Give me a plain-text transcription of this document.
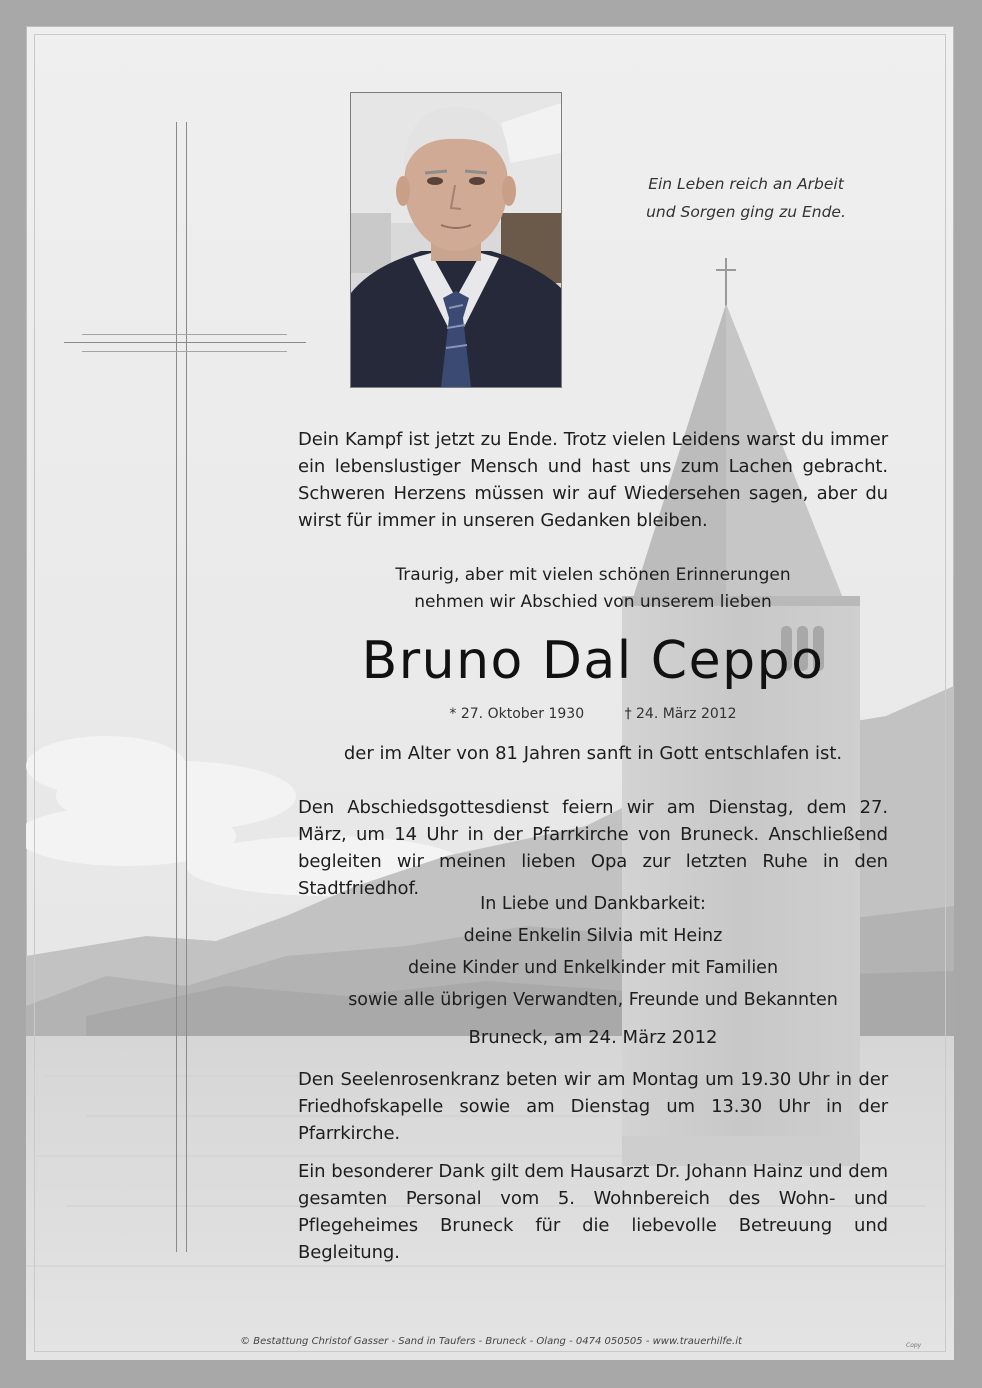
Ein Leben reich an Arbeit
und Sorgen ging zu Ende.

Dein Kampf ist jetzt zu Ende. Trotz vielen Leidens warst du immer ein lebenslustiger Mensch und hast uns zum Lachen gebracht. Schweren Herzens müssen wir auf Wiedersehen sagen, aber du wirst für immer in unseren Gedanken bleiben.

Traurig, aber mit vielen schönen Erinnerungen
nehmen wir Abschied von unserem lieben
Bruno Dal Ceppo
* 27. Oktober 1930	† 24. März 2012

der im Alter von 81 Jahren sanft in Gott entschlafen ist.

Den Abschiedsgottesdienst feiern wir am Dienstag, dem 27. März, um 14 Uhr in der Pfarrkirche von Bruneck. Anschließend begleiten wir meinen lieben Opa zur letzten Ruhe in den Stadtfriedhof.

In Liebe und Dankbarkeit:
deine Enkelin Silvia mit Heinz
deine Kinder und Enkelkinder mit Familien
sowie alle übrigen Verwandten, Freunde und Bekannten

Bruneck, am 24. März 2012

Den Seelenrosenkranz beten wir am Montag um 19.30 Uhr in der Friedhofskapelle sowie am Dienstag um 13.30 Uhr in der Pfarrkirche.

Ein besonderer Dank gilt dem Hausarzt Dr. Johann Hainz und dem gesamten Personal vom 5. Wohnbereich des Wohn- und Pflegeheimes Bruneck für die liebevolle Betreuung und Begleitung.

© Bestattung Christof Gasser - Sand in Taufers - Bruneck - Olang - 0474 050505 - www.trauerhilfe.it	Copy
